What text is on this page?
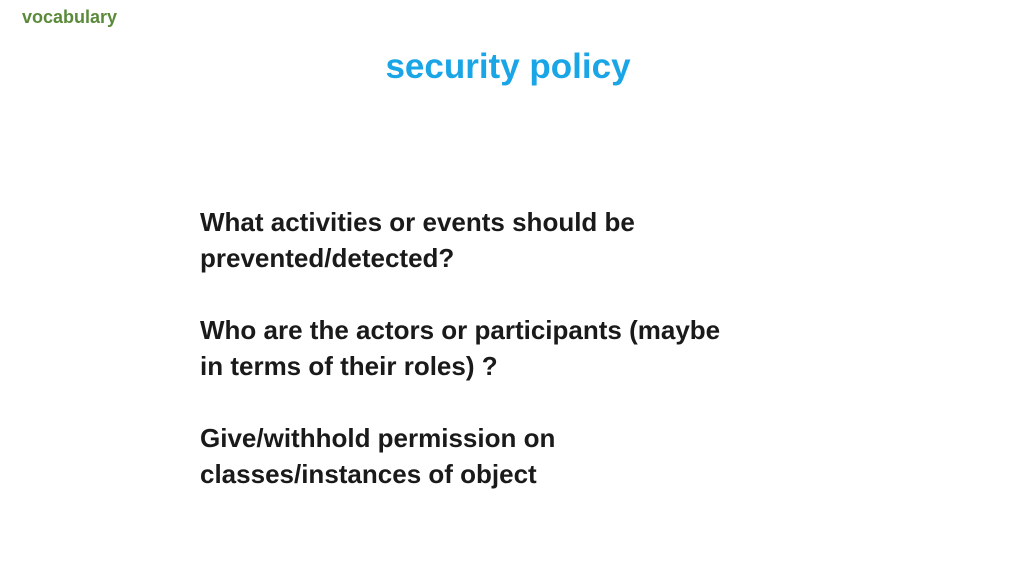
vocabulary
security policy

What activities or events should be
prevented/detected?

Who are the actors or participants (maybe
in terms of their roles) ?

Give/withhold permission on
classes/instances of object
